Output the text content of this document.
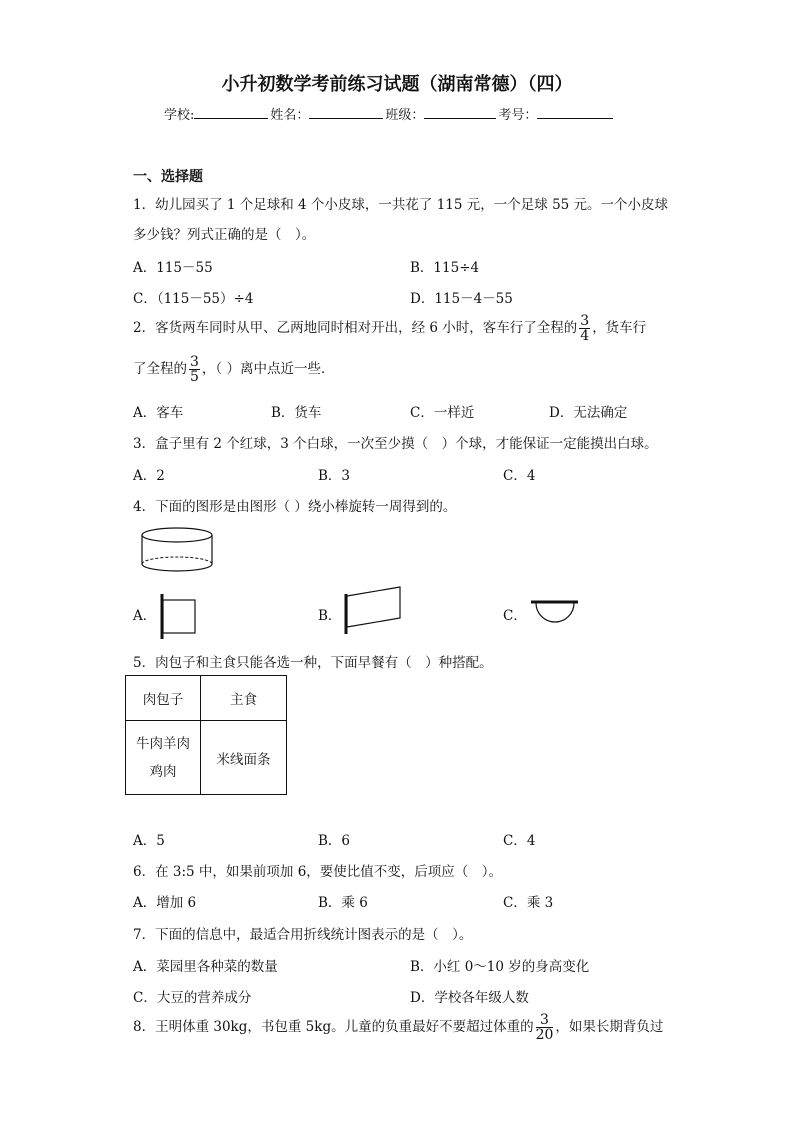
小升初数学考前练习试题（湖南常德）（四）
学校:	姓名：	班级：	考号：
一、选择题
1．幼儿园买了 1 个足球和 4 个小皮球，一共花了 115 元，一个足球 55 元。一个小皮球
多少钱？列式正确的是（　）。
A．115－55	B．115÷4
C．（115－55）÷4	D．115－4－55
2．客货两车同时从甲、乙两地同时相对开出，经 6 小时，客车行了全程的 $\frac{3}{4}$ ，货车行
了全程的 $\frac{3}{5}$ ，（ ）离中点近一些．
A．客车	B．货车	C．一样近	D．无法确定
3．盒子里有 2 个红球，3 个白球，一次至少摸（　）个球，才能保证一定能摸出白球。
A．2	B．3	C．4
4．下面的图形是由图形（ ）绕小棒旋转一周得到的。
A．	B．	C．
5．肉包子和主食只能各选一种，下面早餐有（　）种搭配。
肉包子	主食

牛肉羊肉
鸡肉	米线面条
A．5	B．6	C．4
6．在 3:5 中，如果前项加 6，要使比值不变，后项应（　）。
A．增加 6	B．乘 6	C．乘 3
7．下面的信息中，最适合用折线统计图表示的是（　）。
A．菜园里各种菜的数量	B．小红 0～10 岁的身高变化
C．大豆的营养成分	D．学校各年级人数
8．王明体重 30kg，书包重 5kg。儿童的负重最好不要超过体重的 $\frac{3}{20}$ ，如果长期背负过
